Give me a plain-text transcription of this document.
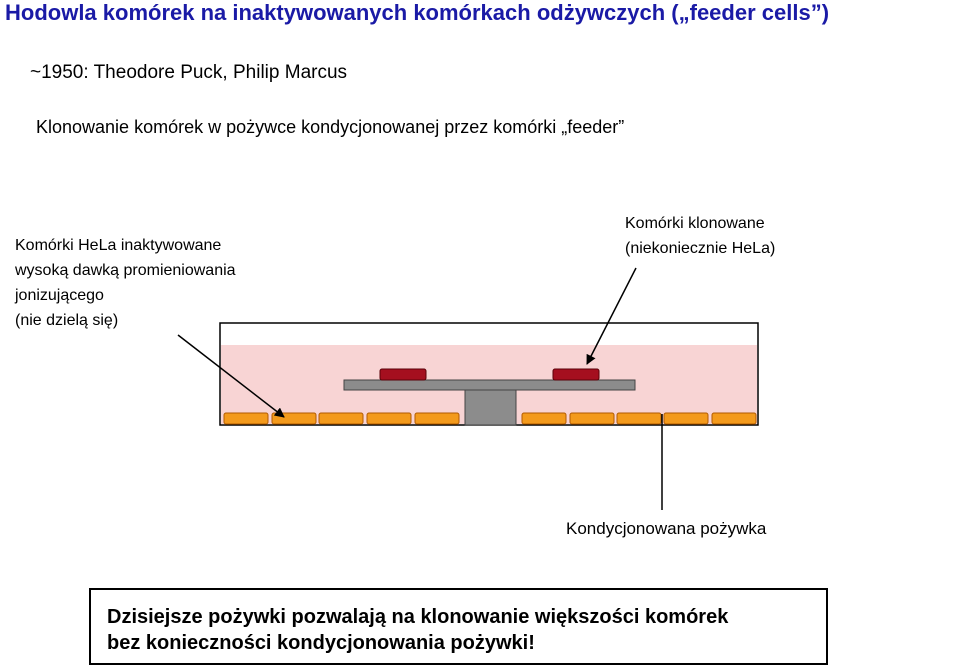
Hodowla komórek na inaktywowanych komórkach odżywczych („feeder cells”)
~1950: Theodore Puck, Philip Marcus
Klonowanie komórek w pożywce kondycjonowanej przez komórki „feeder”
Komórki HeLa inaktywowane
wysoką dawką promieniowania
jonizującego
(nie dzielą się)
Komórki klonowane
(niekoniecznie HeLa)
Kondycjonowana pożywka
Dzisiejsze pożywki pozwalają na klonowanie większości komórek
bez konieczności kondycjonowania pożywki!
